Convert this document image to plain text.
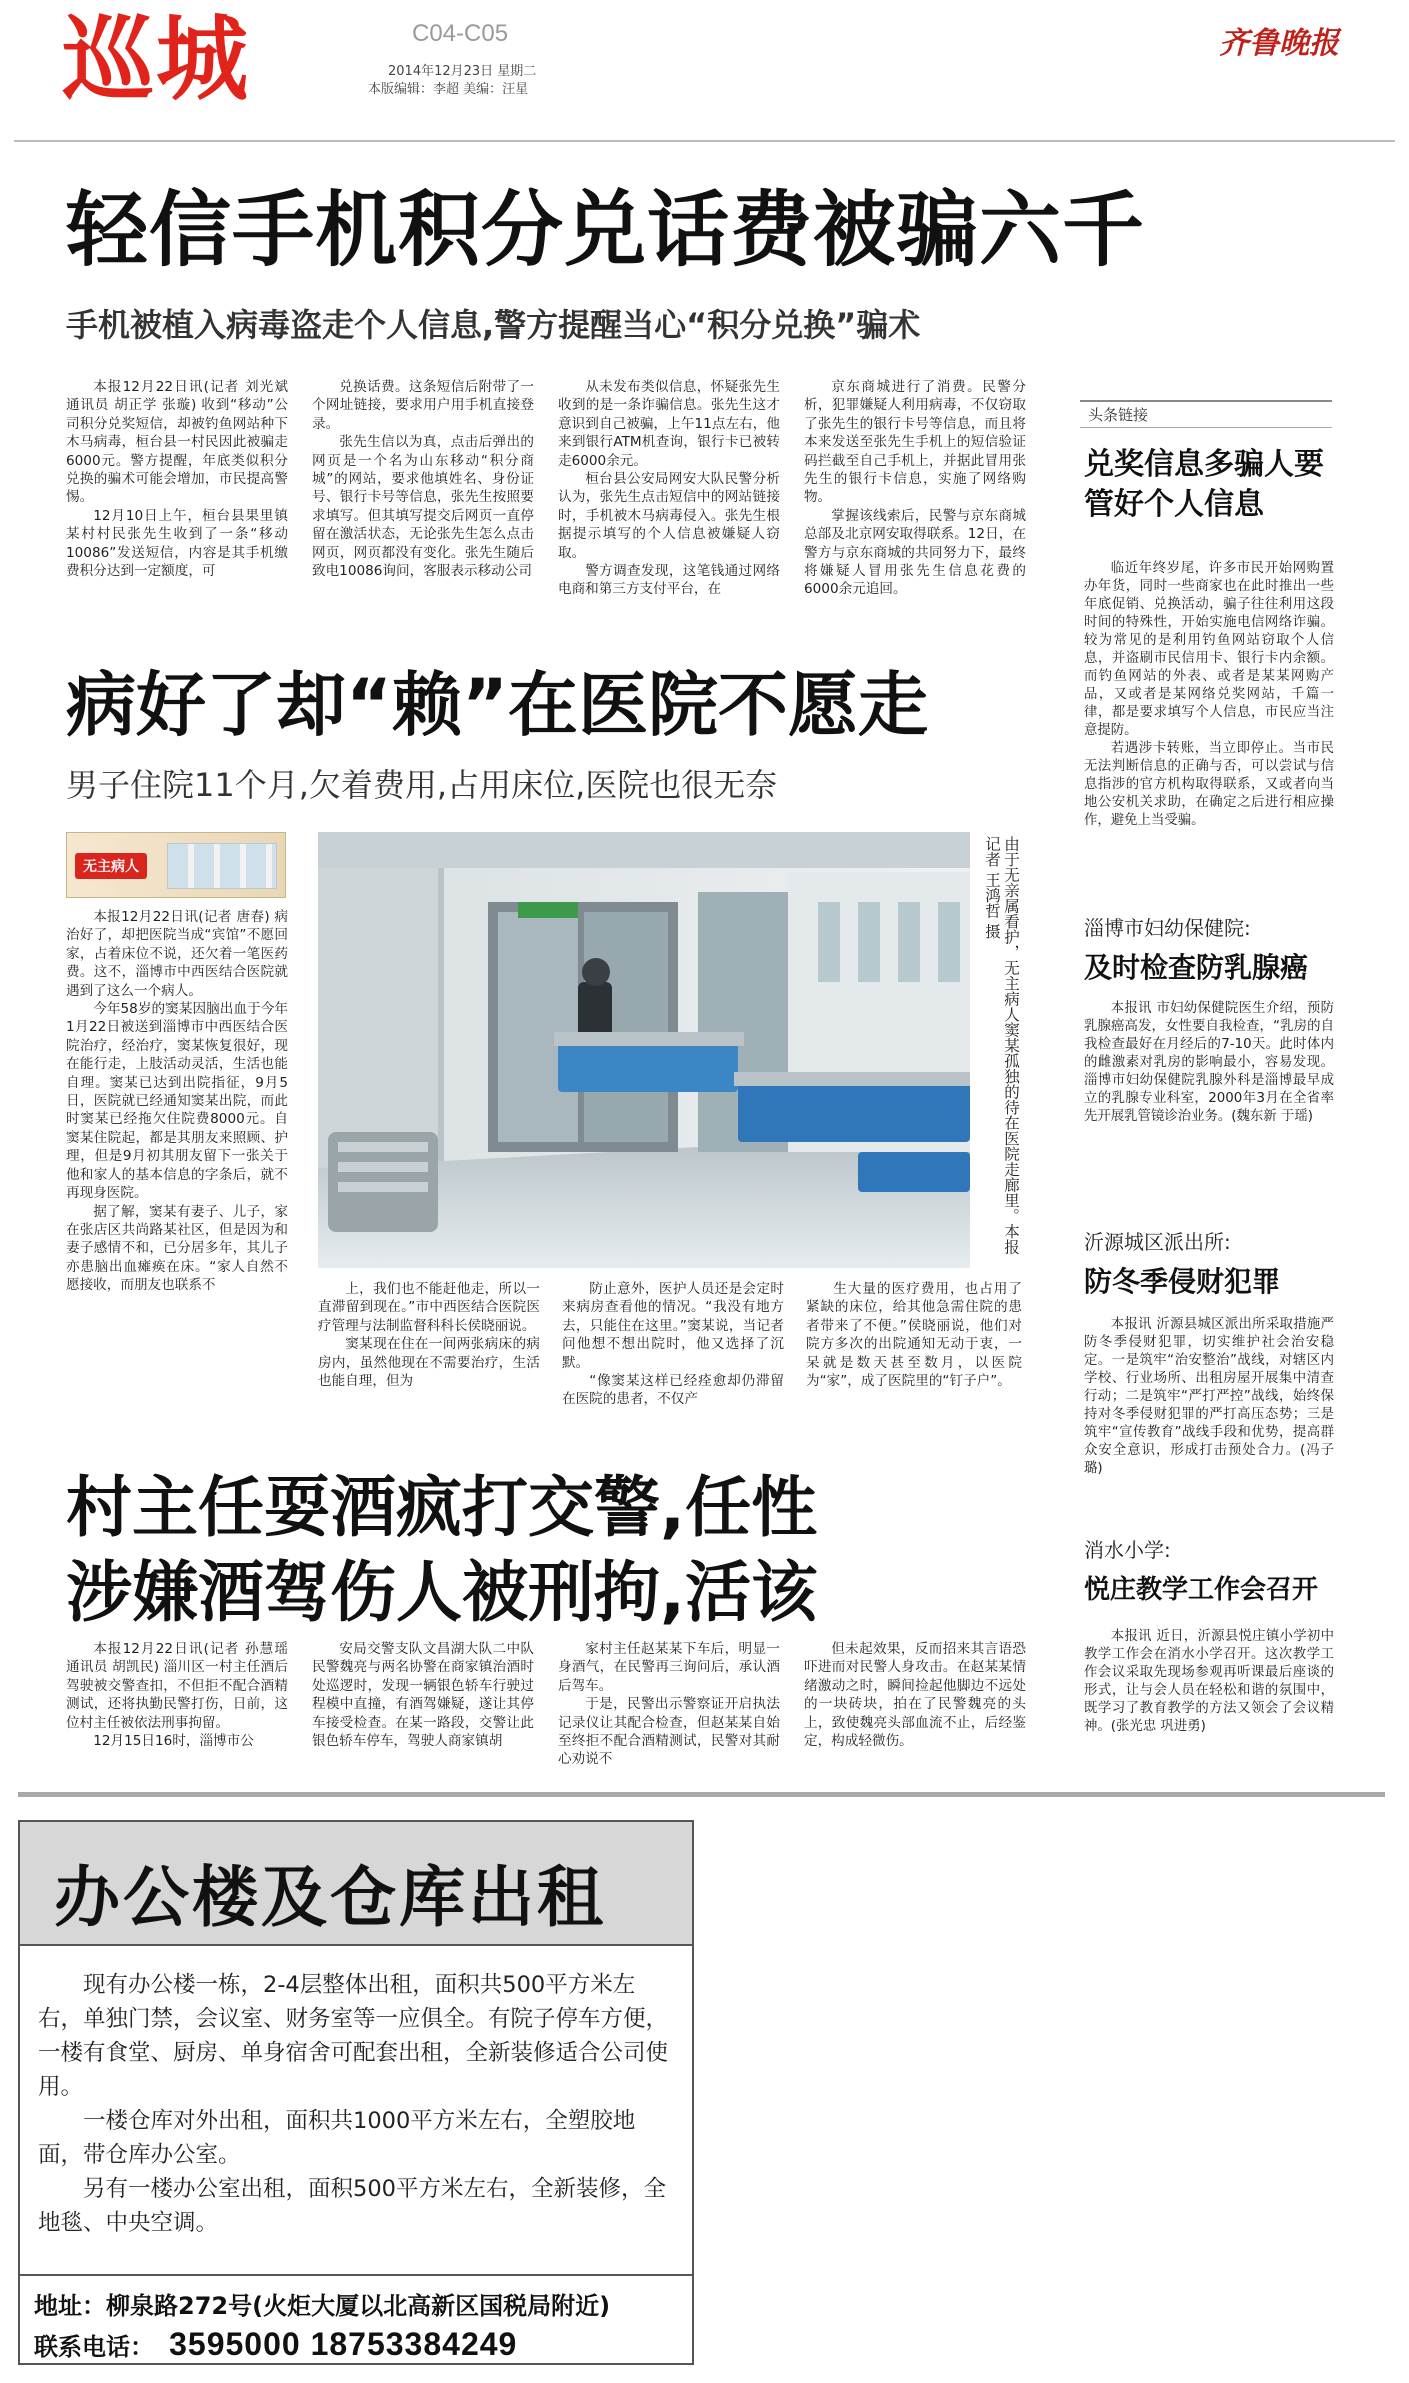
巡城	C04-C05
2014年12月23日 星期二
本版编辑：李超 美编：汪星
齐鲁晚报
轻信手机积分兑话费被骗六千
手机被植入病毒盗走个人信息,警方提醒当心“积分兑换”骗术

本报12月22日讯(记者 刘光斌 通讯员 胡正学 张璇) 收到“移动”公司积分兑奖短信，却被钓鱼网站种下木马病毒，桓台县一村民因此被骗走6000元。警方提醒，年底类似积分兑换的骗术可能会增加，市民提高警惕。

12月10日上午，桓台县果里镇某村村民张先生收到了一条“移动10086”发送短信，内容是其手机缴费积分达到一定额度，可

兑换话费。这条短信后附带了一个网址链接，要求用户用手机直接登录。

张先生信以为真，点击后弹出的网页是一个名为山东移动“积分商城”的网站，要求他填姓名、身份证号、银行卡号等信息，张先生按照要求填写。但其填写提交后网页一直停留在激活状态，无论张先生怎么点击网页，网页都没有变化。张先生随后致电10086询问，客服表示移动公司

从未发布类似信息，怀疑张先生收到的是一条诈骗信息。张先生这才意识到自己被骗，上午11点左右，他来到银行ATM机查询，银行卡已被转走6000余元。

桓台县公安局网安大队民警分析认为，张先生点击短信中的网站链接时，手机被木马病毒侵入。张先生根据提示填写的个人信息被嫌疑人窃取。

警方调查发现，这笔钱通过网络电商和第三方支付平台，在

京东商城进行了消费。民警分析，犯罪嫌疑人利用病毒，不仅窃取了张先生的银行卡号等信息，而且将本来发送至张先生手机上的短信验证码拦截至自己手机上，并据此冒用张先生的银行卡信息，实施了网络购物。

掌握该线索后，民警与京东商城总部及北京网安取得联系。12日，在警方与京东商城的共同努力下，最终将嫌疑人冒用张先生信息花费的6000余元追回。

病好了却“赖”在医院不愿走
男子住院11个月,欠着费用,占用床位,医院也很无奈
无主病人

本报12月22日讯(记者 唐春) 病治好了，却把医院当成“宾馆”不愿回家，占着床位不说，还欠着一笔医药费。这不，淄博市中西医结合医院就遇到了这么一个病人。

今年58岁的窦某因脑出血于今年1月22日被送到淄博市中西医结合医院治疗，经治疗，窦某恢复很好，现在能行走，上肢活动灵活，生活也能自理。窦某已达到出院指征，9月5日，医院就已经通知窦某出院，而此时窦某已经拖欠住院费8000元。自窦某住院起，都是其朋友来照顾、护理，但是9月初其朋友留下一张关于他和家人的基本信息的字条后，就不再现身医院。

据了解，窦某有妻子、儿子，家在张店区共尚路某社区，但是因为和妻子感情不和，已分居多年，其儿子亦患脑出血瘫痪在床。“家人自然不愿接收，而朋友也联系不

由于无亲属看护，无主病人窦某孤独的待在医院走廊里。本报记者 王鸿哲 摄

上，我们也不能赶他走，所以一直滞留到现在。”市中西医结合医院医疗管理与法制监督科科长侯晓丽说。

窦某现在住在一间两张病床的病房内，虽然他现在不需要治疗，生活也能自理，但为

防止意外，医护人员还是会定时来病房查看他的情况。“我没有地方去，只能住在这里。”窦某说，当记者问他想不想出院时，他又选择了沉默。

“像窦某这样已经痊愈却仍滞留在医院的患者，不仅产

生大量的医疗费用，也占用了紧缺的床位，给其他急需住院的患者带来了不便。”侯晓丽说，他们对院方多次的出院通知无动于衷，一呆就是数天甚至数月，以医院为“家”，成了医院里的“钉子户”。

村主任耍酒疯打交警,任性
涉嫌酒驾伤人被刑拘,活该

本报12月22日讯(记者 孙慧瑶 通讯员 胡凯民) 淄川区一村主任酒后驾驶被交警查扣，不但拒不配合酒精测试，还将执勤民警打伤，日前，这位村主任被依法刑事拘留。

12月15日16时，淄博市公

安局交警支队文昌湖大队二中队民警魏亮与两名协警在商家镇治酒时处巡逻时，发现一辆银色轿车行驶过程模中直撞，有酒驾嫌疑，遂让其停车接受检查。在某一路段，交警让此银色轿车停车，驾驶人商家镇胡

家村主任赵某某下车后，明显一身酒气，在民警再三询问后，承认酒后驾车。

于是，民警出示警察证开启执法记录仪让其配合检查，但赵某某自始至终拒不配合酒精测试，民警对其耐心劝说不

但未起效果，反而招来其言语恐吓进而对民警人身攻击。在赵某某情绪激动之时，瞬间捡起他脚边不远处的一块砖块，拍在了民警魏亮的头上，致使魏亮头部血流不止，后经鉴定，构成轻微伤。

头条链接
兑奖信息多骗人要管好个人信息

临近年终岁尾，许多市民开始网购置办年货，同时一些商家也在此时推出一些年底促销、兑换活动，骗子往往利用这段时间的特殊性，开始实施电信网络诈骗。较为常见的是利用钓鱼网站窃取个人信息，并盗刷市民信用卡、银行卡内余额。而钓鱼网站的外表、或者是某某网购产品，又或者是某网络兑奖网站，千篇一律，都是要求填写个人信息，市民应当注意提防。

若遇涉卡转账，当立即停止。当市民无法判断信息的正确与否，可以尝试与信息指涉的官方机构取得联系，又或者向当地公安机关求助，在确定之后进行相应操作，避免上当受骗。

淄博市妇幼保健院:
及时检查防乳腺癌

本报讯 市妇幼保健院医生介绍，预防乳腺癌高发，女性要自我检查，“乳房的自我检查最好在月经后的7-10天。此时体内的雌激素对乳房的影响最小，容易发现。淄博市妇幼保健院乳腺外科是淄博最早成立的乳腺专业科室，2000年3月在全省率先开展乳管镜诊治业务。(魏东新 于瑶)

沂源城区派出所:
防冬季侵财犯罪

本报讯 沂源县城区派出所采取措施严防冬季侵财犯罪，切实维护社会治安稳定。一是筑牢“治安整治”战线，对辖区内学校、行业场所、出租房屋开展集中清查行动；二是筑牢“严打严控”战线，始终保持对冬季侵财犯罪的严打高压态势；三是筑牢“宣传教育”战线手段和优势，提高群众安全意识，形成打击预处合力。(冯子璐)

消水小学:
悦庄教学工作会召开

本报讯 近日，沂源县悦庄镇小学初中教学工作会在消水小学召开。这次教学工作会议采取先现场参观再听课最后座谈的形式，让与会人员在轻松和谐的氛围中，既学习了教育教学的方法又领会了会议精神。(张光忠 巩进勇)

办公楼及仓库出租

现有办公楼一栋，2-4层整体出租，面积共500平方米左右，单独门禁，会议室、财务室等一应俱全。有院子停车方便，一楼有食堂、厨房、单身宿舍可配套出租，全新装修适合公司使用。

一楼仓库对外出租，面积共1000平方米左右，全塑胶地面，带仓库办公室。

另有一楼办公室出租，面积500平方米左右，全新装修，全地毯、中央空调。

地址：柳泉路272号(火炬大厦以北高新区国税局附近)
联系电话： 3595000 18753384249
